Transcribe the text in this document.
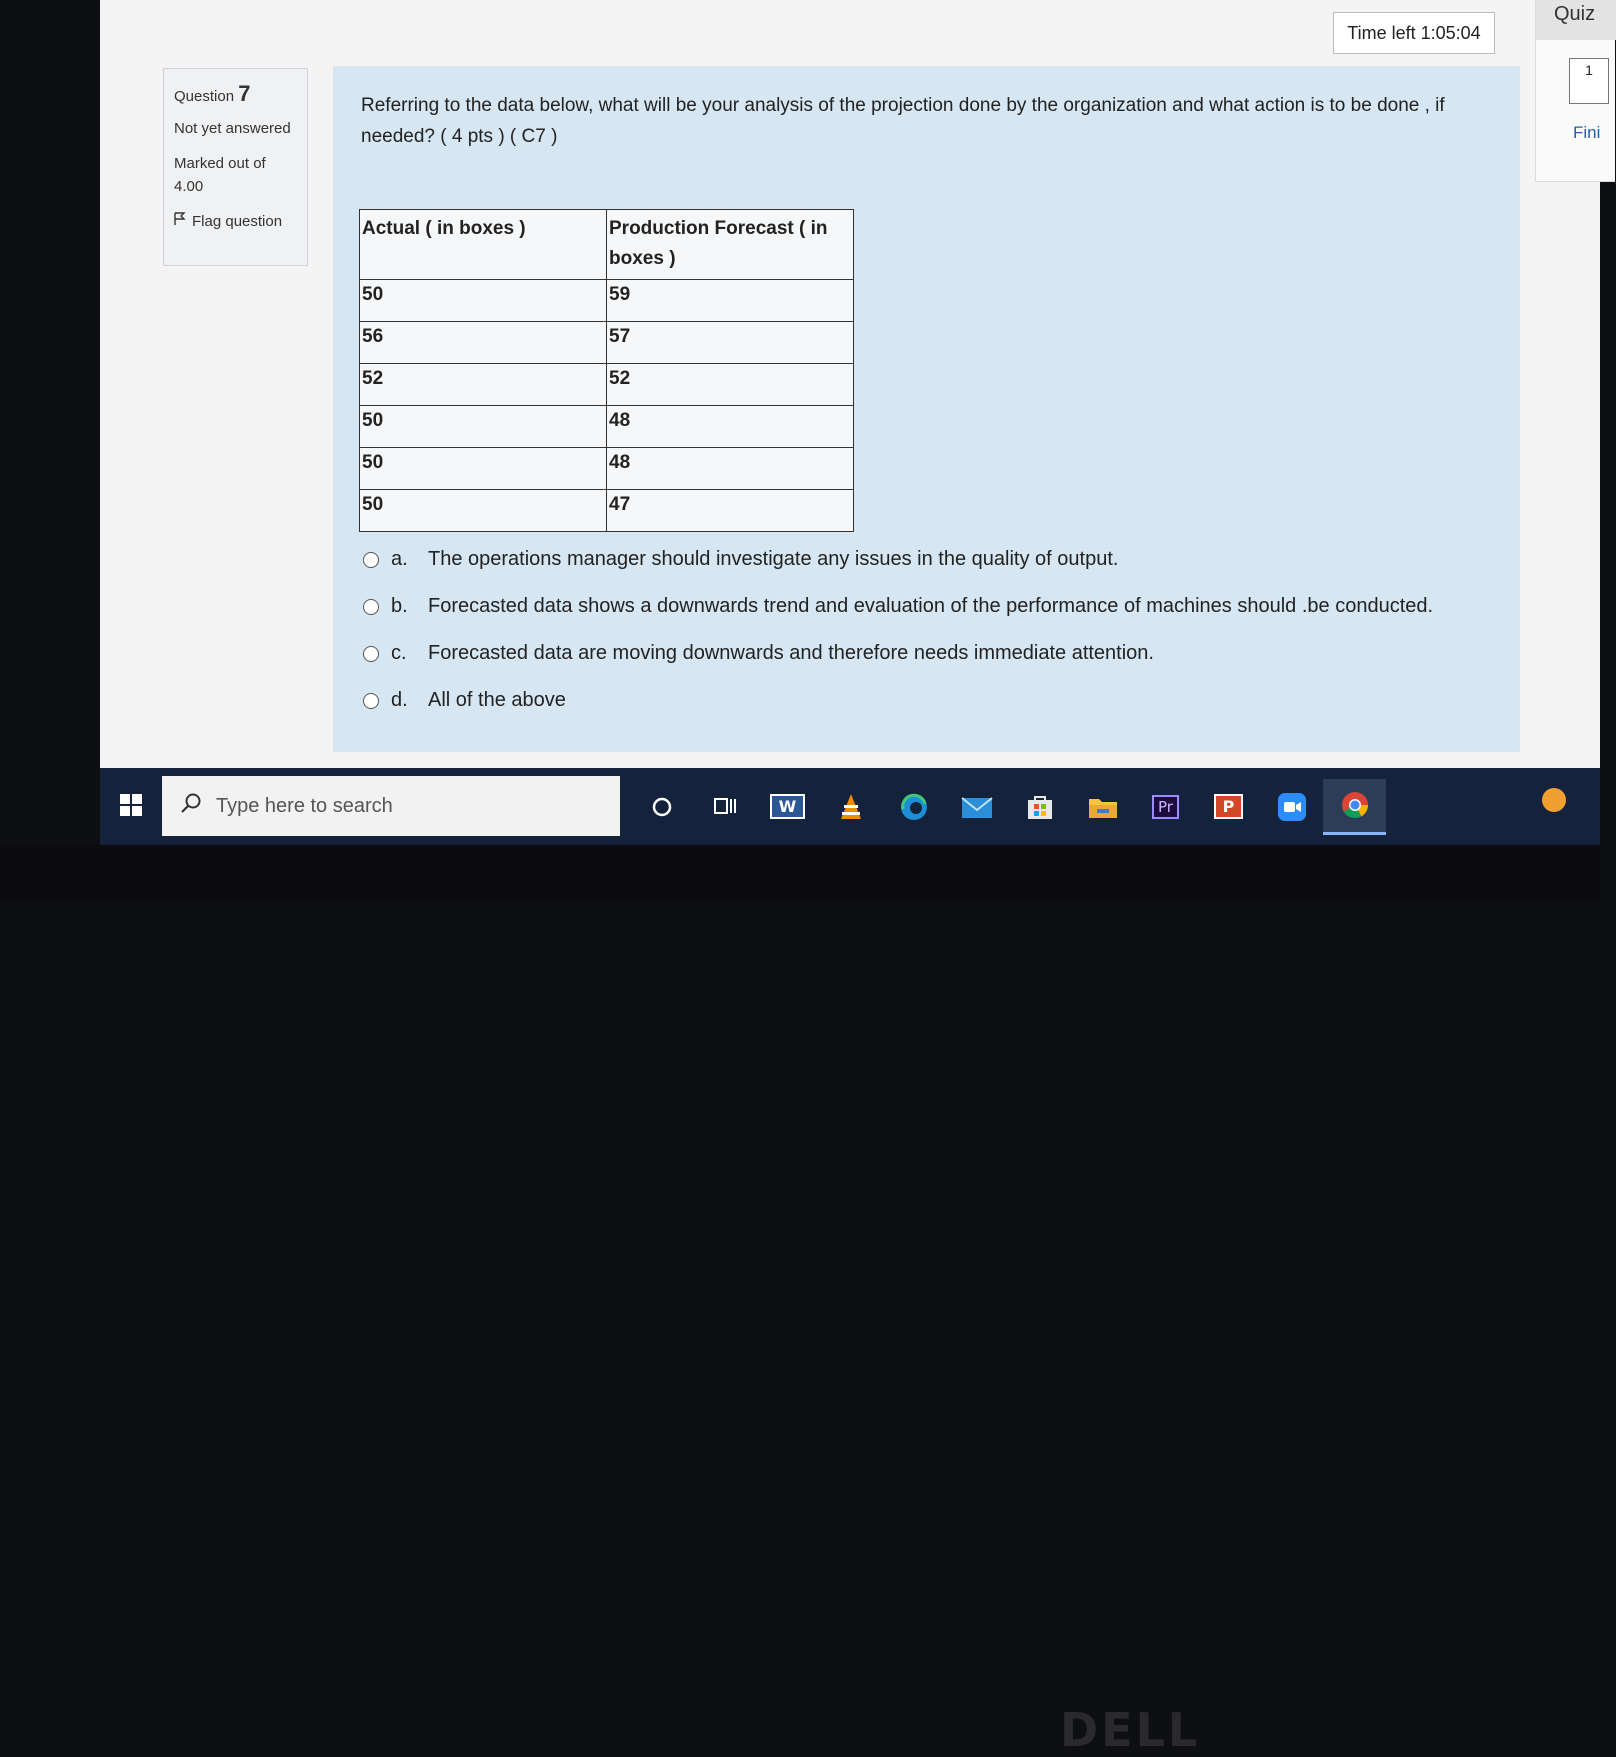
Time left 1:05:04
Quiz
1
Fini
Question 7
Not yet answered
Marked out of 4.00
Flag question
Referring to the data below, what will be your analysis of the projection done by the organization and what action is to be done , if needed? ( 4 pts ) ( C7 )
Actual ( in boxes )	Production Forecast ( in boxes )
50	59
56	57
52	52
50	48
50	48
50	47
a.	The operations manager should investigate any issues in the quality of output.
b.	Forecasted data shows a downwards trend and evaluation of the performance of machines should .be conducted.
c.	Forecasted data are moving downwards and therefore needs immediate attention.
d.	All of the above
Type here to search	W	Pr	P
DELL
